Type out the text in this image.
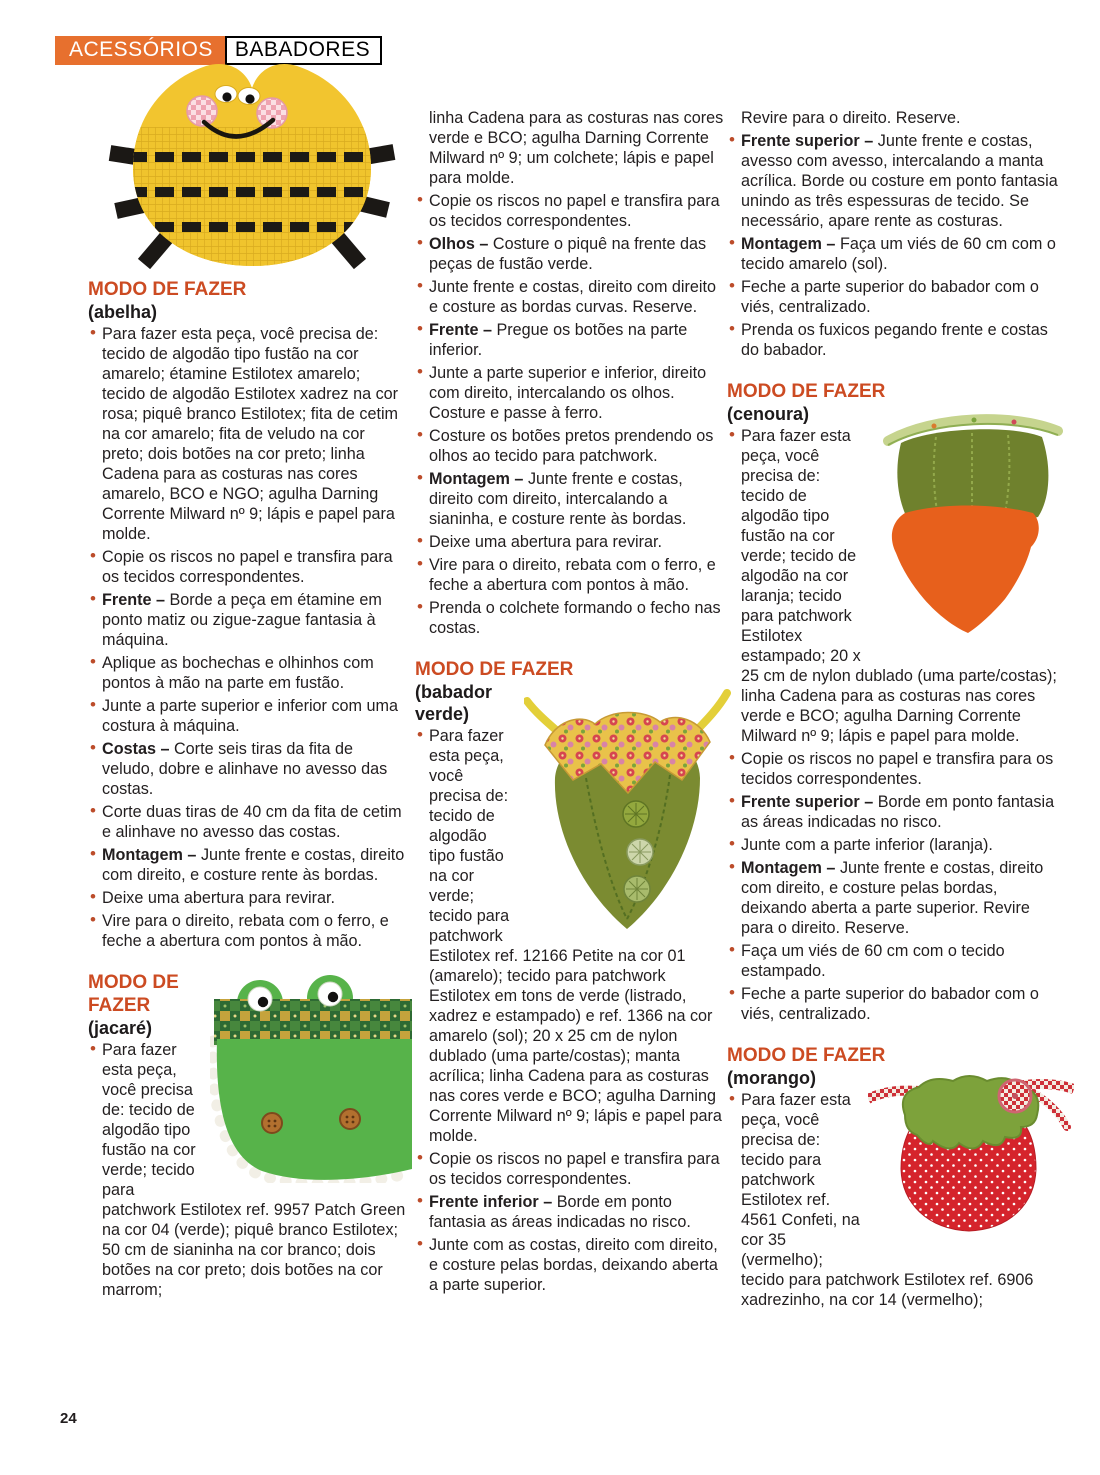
ACESSÓRIOS	BABADORES
MODO DE FAZER
(abelha)
• Para fazer esta peça, você precisa de: tecido de algodão tipo fustão na cor amarelo; étamine Estilotex amarelo; tecido de algodão Estilotex xadrez na cor rosa; piquê branco Estilotex; fita de cetim na cor amarelo; fita de veludo na cor preto; dois botões na cor preto; linha Cadena para as costuras nas cores amarelo, BCO e NGO; agulha Darning Corrente Milward nº 9; lápis e papel para molde.
• Copie os riscos no papel e transfira para os tecidos correspondentes.
• Frente – Borde a peça em étamine em ponto matiz ou zigue-zague fantasia à máquina.
• Aplique as bochechas e olhinhos com pontos à mão na parte em fustão.
• Junte a parte superior e inferior com uma costura à máquina.
• Costas – Corte seis tiras da fita de veludo, dobre e alinhave no avesso das costas.
• Corte duas tiras de 40 cm da fita de cetim e alinhave no avesso das costas.
• Montagem – Junte frente e costas, direito com direito, e costure rente às bordas.
• Deixe uma abertura para revirar.
• Vire para o direito, rebata com o ferro, e feche a abertura com pontos à mão.
MODO DE FAZER
(jacaré)
• Para fazer esta peça, você precisa de: tecido de algodão tipo fustão na cor verde; tecido para patchwork Estilotex ref. 9957 Patch Green na cor 04 (verde); piquê branco Estilotex; 50 cm de sianinha na cor branco; dois botões na cor preto; dois botões na cor marrom;
linha Cadena para as costuras nas cores verde e BCO; agulha Darning Corrente Milward nº 9; um colchete; lápis e papel para molde.
• Copie os riscos no papel e transfira para os tecidos correspondentes.
• Olhos – Costure o piquê na frente das peças de fustão verde.
• Junte frente e costas, direito com direito e costure as bordas curvas. Reserve.
• Frente – Pregue os botões na parte inferior.
• Junte a parte superior e inferior, direito com direito, intercalando os olhos. Costure e passe à ferro.
• Costure os botões pretos prendendo os olhos ao tecido para patchwork.
• Montagem – Junte frente e costas, direito com direito, intercalando a sianinha, e costure rente às bordas.
• Deixe uma abertura para revirar.
• Vire para o direito, rebata com o ferro, e feche a abertura com pontos à mão.
• Prenda o colchete formando o fecho nas costas.
MODO DE FAZER
(babador verde)
• Para fazer esta peça, você precisa de: tecido de algodão tipo fustão na cor verde; tecido para patchwork Estilotex ref. 12166 Petite na cor 01 (amarelo); tecido para patchwork Estilotex em tons de verde (listrado, xadrez e estampado) e ref. 1366 na cor amarelo (sol); 20 x 25 cm de nylon dublado (uma parte/costas); manta acrílica; linha Cadena para as costuras nas cores verde e BCO; agulha Darning Corrente Milward nº 9; lápis e papel para molde.
• Copie os riscos no papel e transfira para os tecidos correspondentes.
• Frente inferior – Borde em ponto fantasia as áreas indicadas no risco.
• Junte com as costas, direito com direito, e costure pelas bordas, deixando aberta a parte superior.
Revire para o direito. Reserve.
• Frente superior – Junte frente e costas, avesso com avesso, intercalando a manta acrílica. Borde ou costure em ponto fantasia unindo as três espessuras de tecido. Se necessário, apare rente as costuras.
• Montagem – Faça um viés de 60 cm com o tecido amarelo (sol).
• Feche a parte superior do babador com o viés, centralizado.
• Prenda os fuxicos pegando frente e costas do babador.
MODO DE FAZER
(cenoura)
• Para fazer esta peça, você precisa de: tecido de algodão tipo fustão na cor verde; tecido de algodão na cor laranja; tecido para patchwork Estilotex estampado; 20 x 25 cm de nylon dublado (uma parte/costas); linha Cadena para as costuras nas cores verde e BCO; agulha Darning Corrente Milward nº 9; lápis e papel para molde.
• Copie os riscos no papel e transfira para os tecidos correspondentes.
• Frente superior – Borde em ponto fantasia as áreas indicadas no risco.
• Junte com a parte inferior (laranja).
• Montagem – Junte frente e costas, direito com direito, e costure pelas bordas, deixando aberta a parte superior. Revire para o direito. Reserve.
• Faça um viés de 60 cm com o tecido estampado.
• Feche a parte superior do babador com o viés, centralizado.
MODO DE FAZER
(morango)
• Para fazer esta peça, você precisa de: tecido para patchwork Estilotex ref. 4561 Confeti, na cor 35 (vermelho); tecido para patchwork Estilotex ref. 6906 xadrezinho, na cor 14 (vermelho);
24
